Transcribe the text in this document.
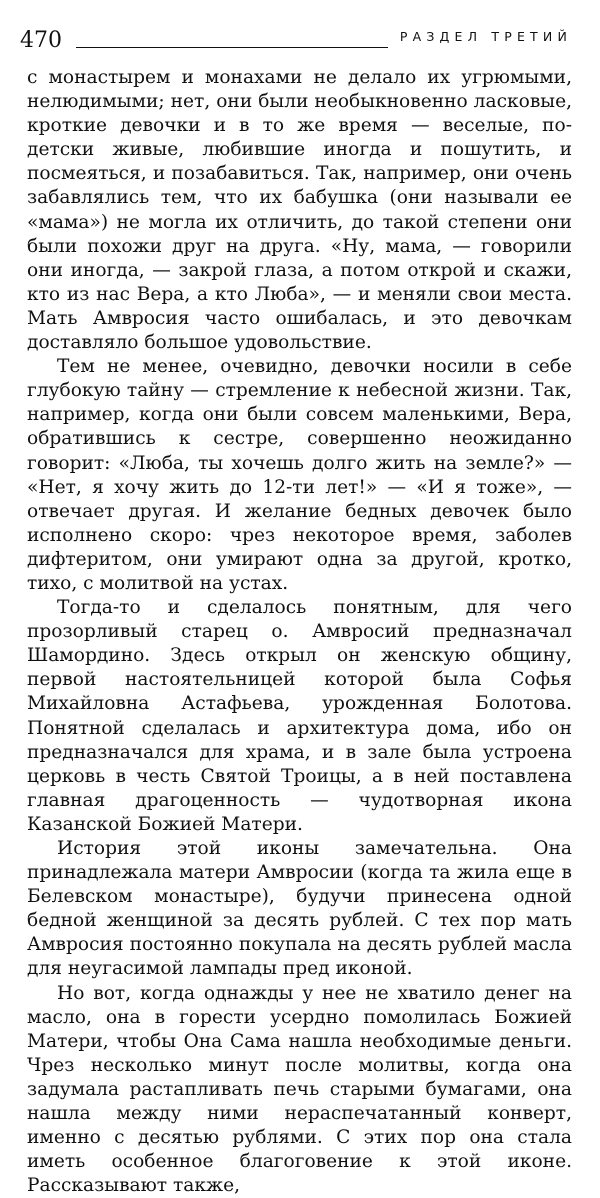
470	РАЗДЕЛ ТРЕТИЙ

с монастырем и монахами не делало их угрюмыми, нелюдимыми; нет, они были необыкновенно ласковые, кроткие девочки и в то же время — веселые, по-детски живые, любившие иногда и пошутить, и посмеяться, и позабавиться. Так, например, они очень забавлялись тем, что их бабушка (они называли ее «мама») не могла их отличить, до такой степени они были похожи друг на друга. «Ну, мама, — говорили они иногда, — закрой глаза, а потом открой и скажи, кто из нас Вера, а кто Люба», — и меняли свои места. Мать Амвросия часто ошибалась, и это девочкам доставляло большое удовольствие.

Тем не менее, очевидно, девочки носили в себе глубокую тайну — стремление к небесной жизни. Так, например, когда они были совсем маленькими, Вера, обратившись к сестре, совершенно неожиданно говорит: «Люба, ты хочешь долго жить на земле?» — «Нет, я хочу жить до 12-ти лет!» — «И я тоже», — отвечает другая. И желание бедных девочек было исполнено скоро: чрез некоторое время, заболев дифтеритом, они умирают одна за другой, кротко, тихо, с молитвой на устах.

Тогда-то и сделалось понятным, для чего прозорливый старец о. Амвросий предназначал Шамордино. Здесь открыл он женскую общину, первой настоятельницей которой была Софья Михайловна Астафьева, урожденная Болотова. Понятной сделалась и архитектура дома, ибо он предназначался для храма, и в зале была устроена церковь в честь Святой Троицы, а в ней поставлена главная драгоценность — чудотворная икона Казанской Божией Матери.

История этой иконы замечательна. Она принадлежала матери Амвросии (когда та жила еще в Белевском монастыре), будучи принесена одной бедной женщиной за десять рублей. С тех пор мать Амвросия постоянно покупала на десять рублей масла для неугасимой лампады пред иконой.

Но вот, когда однажды у нее не хватило денег на масло, она в горести усердно помолилась Божией Матери, чтобы Она Сама нашла необходимые деньги. Чрез несколько минут после молитвы, когда она задумала растапливать печь старыми бумагами, она нашла между ними нераспечатанный конверт, именно с десятью рублями. С этих пор она стала иметь особенное благоговение к этой иконе. Рассказывают также,
